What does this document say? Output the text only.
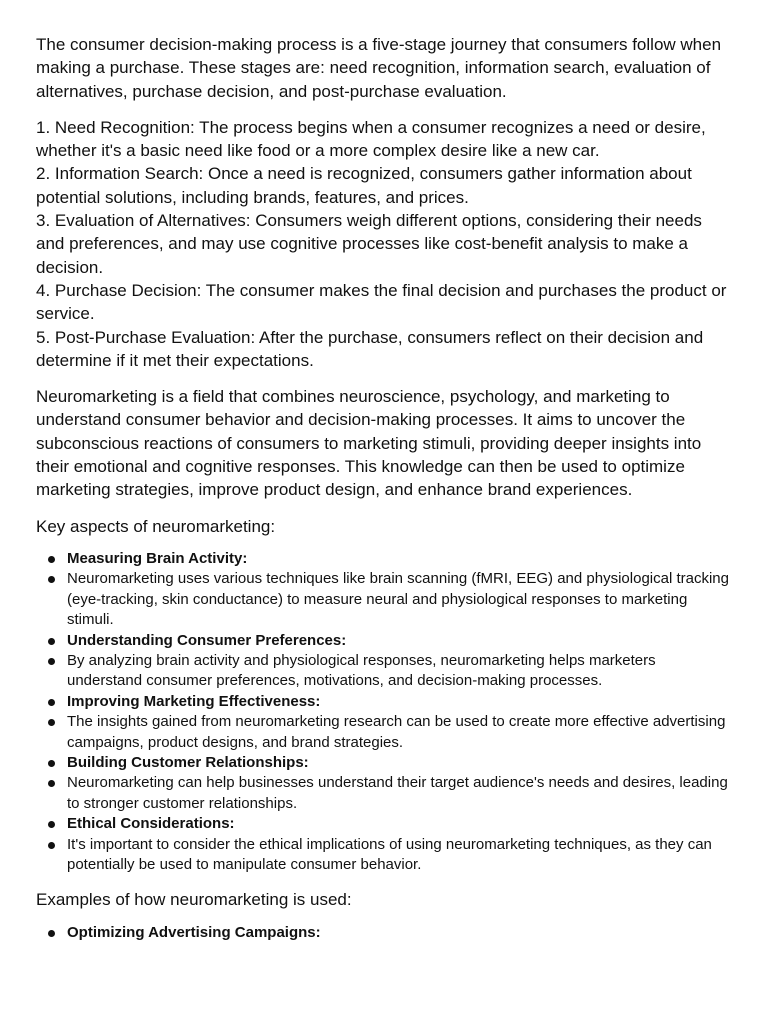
The consumer decision-making process is a five-stage journey that consumers follow when making a purchase. These stages are: need recognition, information search, evaluation of alternatives, purchase decision, and post-purchase evaluation.

1. Need Recognition: The process begins when a consumer recognizes a need or desire, whether it's a basic need like food or a more complex desire like a new car.
2. Information Search: Once a need is recognized, consumers gather information about potential solutions, including brands, features, and prices.
3. Evaluation of Alternatives: Consumers weigh different options, considering their needs and preferences, and may use cognitive processes like cost-benefit analysis to make a decision.
4. Purchase Decision: The consumer makes the final decision and purchases the product or service.
5. Post-Purchase Evaluation: After the purchase, consumers reflect on their decision and determine if it met their expectations.

Neuromarketing is a field that combines neuroscience, psychology, and marketing to understand consumer behavior and decision-making processes. It aims to uncover the subconscious reactions of consumers to marketing stimuli, providing deeper insights into their emotional and cognitive responses. This knowledge can then be used to optimize marketing strategies, improve product design, and enhance brand experiences.

Key aspects of neuromarketing:

Measuring Brain Activity:
Neuromarketing uses various techniques like brain scanning (fMRI, EEG) and physiological tracking (eye-tracking, skin conductance) to measure neural and physiological responses to marketing stimuli.
Understanding Consumer Preferences:
By analyzing brain activity and physiological responses, neuromarketing helps marketers understand consumer preferences, motivations, and decision-making processes.
Improving Marketing Effectiveness:
The insights gained from neuromarketing research can be used to create more effective advertising campaigns, product designs, and brand strategies.
Building Customer Relationships:
Neuromarketing can help businesses understand their target audience's needs and desires, leading to stronger customer relationships.
Ethical Considerations:
It's important to consider the ethical implications of using neuromarketing techniques, as they can potentially be used to manipulate consumer behavior.

Examples of how neuromarketing is used:

Optimizing Advertising Campaigns:
